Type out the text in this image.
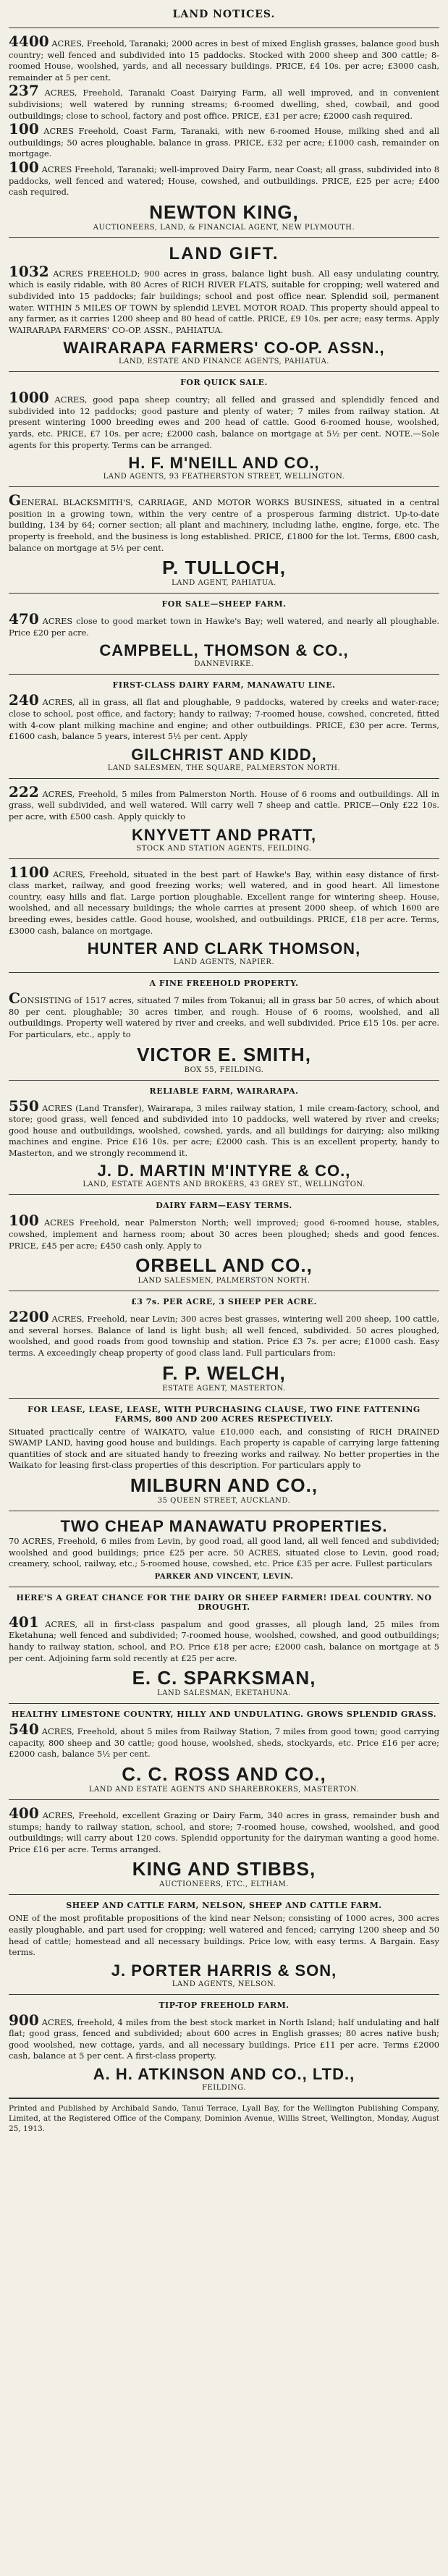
LAND NOTICES.

4400 ACRES, Freehold, Taranaki; 2000 acres in best of mixed English grasses, balance good bush country; well fenced and subdivided into 15 paddocks. Stocked with 2000 sheep and 300 cattle; 8-roomed House, woolshed, yards, and all necessary buildings. PRICE, £4 10s. per acre; £3000 cash, remainder at 5 per cent.

237 ACRES, Freehold, Taranaki Coast Dairying Farm, all well improved, and in convenient subdivisions; well watered by running streams; 6-roomed dwelling, shed, cowbail, and good outbuildings; close to school, factory and post office. PRICE, £31 per acre; £2000 cash required.

100 ACRES Freehold, Coast Farm, Taranaki, with new 6-roomed House, milking shed and all outbuildings; 50 acres ploughable, balance in grass. PRICE, £32 per acre; £1000 cash, remainder on mortgage.

100 ACRES Freehold, Taranaki; well-improved Dairy Farm, near Coast; all grass, subdivided into 8 paddocks, well fenced and watered; House, cowshed, and outbuildings. PRICE, £25 per acre; £400 cash required.

NEWTON KING,
AUCTIONEERS, LAND, & FINANCIAL AGENT, NEW PLYMOUTH.
LAND GIFT.

1032 ACRES FREEHOLD; 900 acres in grass, balance light bush. All easy undulating country, which is easily ridable, with 80 Acres of RICH RIVER FLATS, suitable for cropping; well watered and subdivided into 15 paddocks; fair buildings; school and post office near. Splendid soil, permanent water. WITHIN 5 MILES OF TOWN by splendid LEVEL MOTOR ROAD. This property should appeal to any farmer, as it carries 1200 sheep and 80 head of cattle. PRICE, £9 10s. per acre; easy terms. Apply WAIRARAPA FARMERS' CO-OP. ASSN., PAHIATUA.

WAIRARAPA FARMERS' CO-OP. ASSN.,
LAND, ESTATE AND FINANCE AGENTS, PAHIATUA.
FOR QUICK SALE.

1000 ACRES, good papa sheep country; all felled and grassed and splendidly fenced and subdivided into 12 paddocks; good pasture and plenty of water; 7 miles from railway station. At present wintering 1000 breeding ewes and 200 head of cattle. Good 6-roomed house, woolshed, yards, etc. PRICE, £7 10s. per acre; £2000 cash, balance on mortgage at 5½ per cent. NOTE.—Sole agents for this property. Terms can be arranged.

H. F. M'NEILL AND CO.,
LAND AGENTS, 93 FEATHERSTON STREET, WELLINGTON.

GENERAL BLACKSMITH'S, CARRIAGE, AND MOTOR WORKS BUSINESS, situated in a central position in a growing town, within the very centre of a prosperous farming district. Up-to-date building, 134 by 64; corner section; all plant and machinery, including lathe, engine, forge, etc. The property is freehold, and the business is long established. PRICE, £1800 for the lot. Terms, £800 cash, balance on mortgage at 5½ per cent.

P. TULLOCH,
LAND AGENT, PAHIATUA.
FOR SALE—SHEEP FARM.

470 ACRES close to good market town in Hawke's Bay; well watered, and nearly all ploughable. Price £20 per acre.

CAMPBELL, THOMSON & CO.,
DANNEVIRKE.
FIRST-CLASS DAIRY FARM, MANAWATU LINE.

240 ACRES, all in grass, all flat and ploughable, 9 paddocks, watered by creeks and water-race; close to school, post office, and factory; handy to railway; 7-roomed house, cowshed, concreted, fitted with 4-cow plant milking machine and engine; and other outbuildings. PRICE, £30 per acre. Terms, £1600 cash, balance 5 years, interest 5½ per cent. Apply

GILCHRIST AND KIDD,
LAND SALESMEN, THE SQUARE, PALMERSTON NORTH.

222 ACRES, Freehold, 5 miles from Palmerston North. House of 6 rooms and outbuildings. All in grass, well subdivided, and well watered. Will carry well 7 sheep and cattle. PRICE—Only £22 10s. per acre, with £500 cash. Apply quickly to

KNYVETT AND PRATT,
STOCK AND STATION AGENTS, FEILDING.

1100 ACRES, Freehold, situated in the best part of Hawke's Bay, within easy distance of first-class market, railway, and good freezing works; well watered, and in good heart. All limestone country, easy hills and flat. Large portion ploughable. Excellent range for wintering sheep. House, woolshed, and all necessary buildings; the whole carries at present 2000 sheep, of which 1600 are breeding ewes, besides cattle. Good house, woolshed, and outbuildings. PRICE, £18 per acre. Terms, £3000 cash, balance on mortgage.

HUNTER AND CLARK THOMSON,
LAND AGENTS, NAPIER.
A FINE FREEHOLD PROPERTY.

CONSISTING of 1517 acres, situated 7 miles from Tokanui; all in grass bar 50 acres, of which about 80 per cent. ploughable; 30 acres timber, and rough. House of 6 rooms, woolshed, and all outbuildings. Property well watered by river and creeks, and well subdivided. Price £15 10s. per acre. For particulars, etc., apply to

VICTOR E. SMITH,
BOX 55, FEILDING.
RELIABLE FARM, WAIRARAPA.

550 ACRES (Land Transfer), Wairarapa, 3 miles railway station, 1 mile cream-factory, school, and store; good grass, well fenced and subdivided into 10 paddocks, well watered by river and creeks; good house and outbuildings, woolshed, cowshed, yards, and all buildings for dairying; also milking machines and engine. Price £16 10s. per acre; £2000 cash. This is an excellent property, handy to Masterton, and we strongly recommend it.

J. D. MARTIN M'INTYRE & CO.,
LAND, ESTATE AGENTS AND BROKERS, 43 GREY ST., WELLINGTON.
DAIRY FARM—EASY TERMS.

100 ACRES Freehold, near Palmerston North; well improved; good 6-roomed house, stables, cowshed, implement and harness room; about 30 acres been ploughed; sheds and good fences. PRICE, £45 per acre; £450 cash only. Apply to

ORBELL AND CO.,
LAND SALESMEN, PALMERSTON NORTH.
£3 7s. PER ACRE, 3 SHEEP PER ACRE.

2200 ACRES, Freehold, near Levin; 300 acres best grasses, wintering well 200 sheep, 100 cattle, and several horses. Balance of land is light bush; all well fenced, subdivided. 50 acres ploughed, woolshed, and good roads from good township and station. Price £3 7s. per acre; £1000 cash. Easy terms. A exceedingly cheap property of good class land. Full particulars from:

F. P. WELCH,
ESTATE AGENT, MASTERTON.
FOR LEASE, LEASE, LEASE, WITH PURCHASING CLAUSE, TWO FINE FATTENING FARMS, 800 AND 200 ACRES RESPECTIVELY.

Situated practically centre of WAIKATO, value £10,000 each, and consisting of RICH DRAINED SWAMP LAND, having good house and buildings. Each property is capable of carrying large fattening quantities of stock and are situated handy to freezing works and railway. No better properties in the Waikato for leasing first-class properties of this description. For particulars apply to

MILBURN AND CO.,
35 QUEEN STREET, AUCKLAND.
TWO CHEAP MANAWATU PROPERTIES.

70 ACRES, Freehold, 6 miles from Levin, by good road, all good land, all well fenced and subdivided; woolshed and good buildings; price £25 per acre. 50 ACRES, situated close to Levin, good road; creamery, school, railway, etc.; 5-roomed house, cowshed, etc. Price £35 per acre. Fullest particulars

PARKER AND VINCENT, LEVIN.
HERE'S A GREAT CHANCE FOR THE DAIRY OR SHEEP FARMER! IDEAL COUNTRY. NO DROUGHT.

401 ACRES, all in first-class paspalum and good grasses, all plough land, 25 miles from Eketahuna; well fenced and subdivided; 7-roomed house, woolshed, cowshed, and good outbuildings; handy to railway station, school, and P.O. Price £18 per acre; £2000 cash, balance on mortgage at 5 per cent. Adjoining farm sold recently at £25 per acre.

E. C. SPARKSMAN,
LAND SALESMAN, EKETAHUNA.
HEALTHY LIMESTONE COUNTRY, HILLY AND UNDULATING. GROWS SPLENDID GRASS.

540 ACRES, Freehold, about 5 miles from Railway Station, 7 miles from good town; good carrying capacity, 800 sheep and 30 cattle; good house, woolshed, sheds, stockyards, etc. Price £16 per acre; £2000 cash, balance 5½ per cent.

C. C. ROSS AND CO.,
LAND AND ESTATE AGENTS AND SHAREBROKERS, MASTERTON.

400 ACRES, Freehold, excellent Grazing or Dairy Farm, 340 acres in grass, remainder bush and stumps; handy to railway station, school, and store; 7-roomed house, cowshed, woolshed, and good outbuildings; will carry about 120 cows. Splendid opportunity for the dairyman wanting a good home. Price £16 per acre. Terms arranged.

KING AND STIBBS,
AUCTIONEERS, ETC., ELTHAM.
SHEEP AND CATTLE FARM, NELSON, SHEEP AND CATTLE FARM.

ONE of the most profitable propositions of the kind near Nelson; consisting of 1000 acres, 300 acres easily ploughable, and part used for cropping; well watered and fenced; carrying 1200 sheep and 50 head of cattle; homestead and all necessary buildings. Price low, with easy terms. A Bargain. Easy terms.

J. PORTER HARRIS & SON,
LAND AGENTS, NELSON.
TIP-TOP FREEHOLD FARM.

900 ACRES, freehold, 4 miles from the best stock market in North Island; half undulating and half flat; good grass, fenced and subdivided; about 600 acres in English grasses; 80 acres native bush; good woolshed, new cottage, yards, and all necessary buildings. Price £11 per acre. Terms £2000 cash, balance at 5 per cent. A first-class property.

A. H. ATKINSON AND CO., LTD.,
FEILDING.

Printed and Published by Archibald Sando, Tanui Terrace, Lyall Bay, for the Wellington Publishing Company, Limited, at the Registered Office of the Company, Dominion Avenue, Willis Street, Wellington, Monday, August 25, 1913.
